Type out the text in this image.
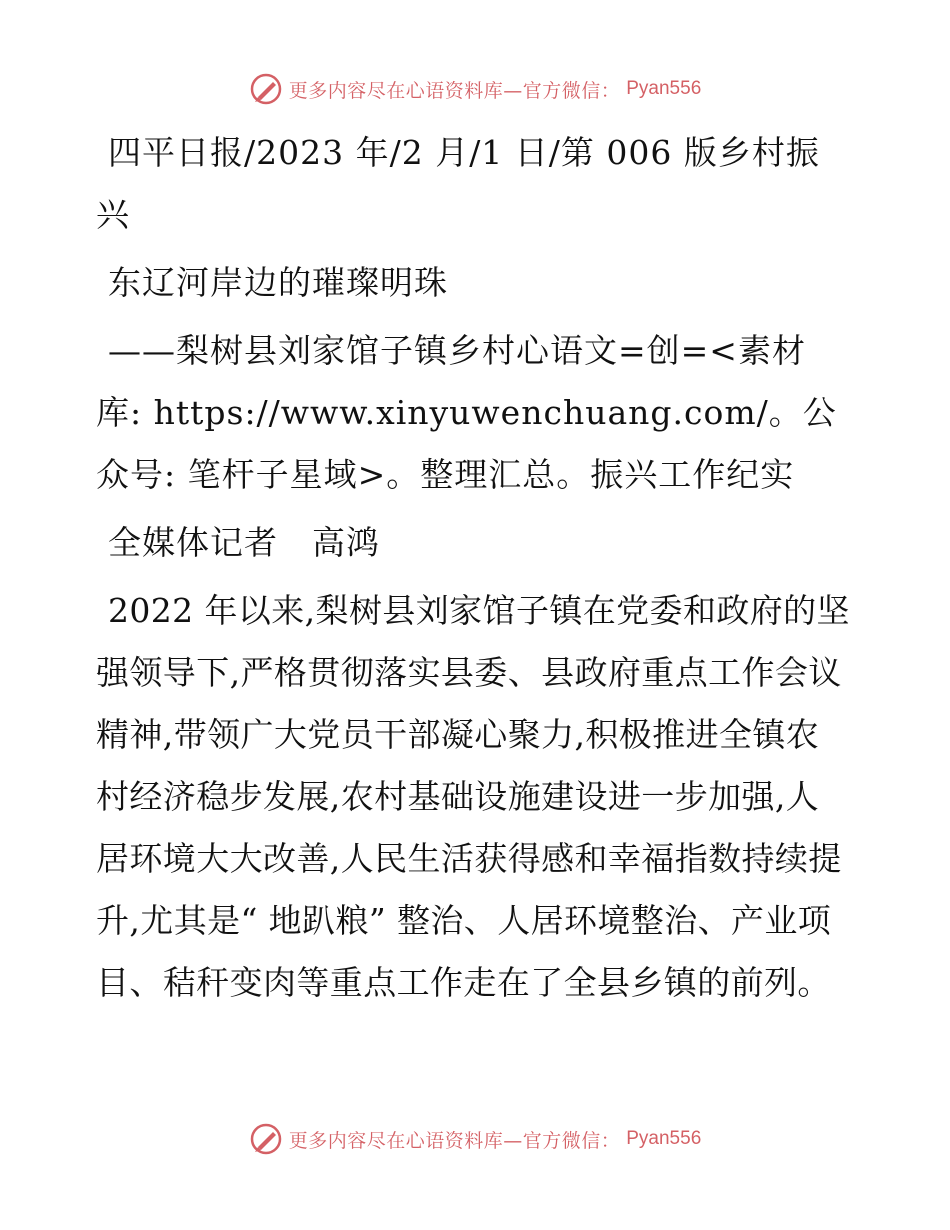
更多内容尽在心语资料库—官方微信： Pyan556

四平日报/2023 年/2 月/1 日/第 006 版乡村振兴

东辽河岸边的璀璨明珠

——梨树县刘家馆子镇乡村心语文=创=<素材库: https://www.xinyuwenchuang.com/。公众号: 笔杆子星域>。整理汇总。振兴工作纪实

全媒体记者　高鸿

2022 年以来,梨树县刘家馆子镇在党委和政府的坚强领导下,严格贯彻落实县委、县政府重点工作会议精神,带领广大党员干部凝心聚力,积极推进全镇农村经济稳步发展,农村基础设施建设进一步加强,人居环境大大改善,人民生活获得感和幸福指数持续提升,尤其是“ 地趴粮” 整治、人居环境整治、产业项目、秸秆变肉等重点工作走在了全县乡镇的前列。

更多内容尽在心语资料库—官方微信： Pyan556
